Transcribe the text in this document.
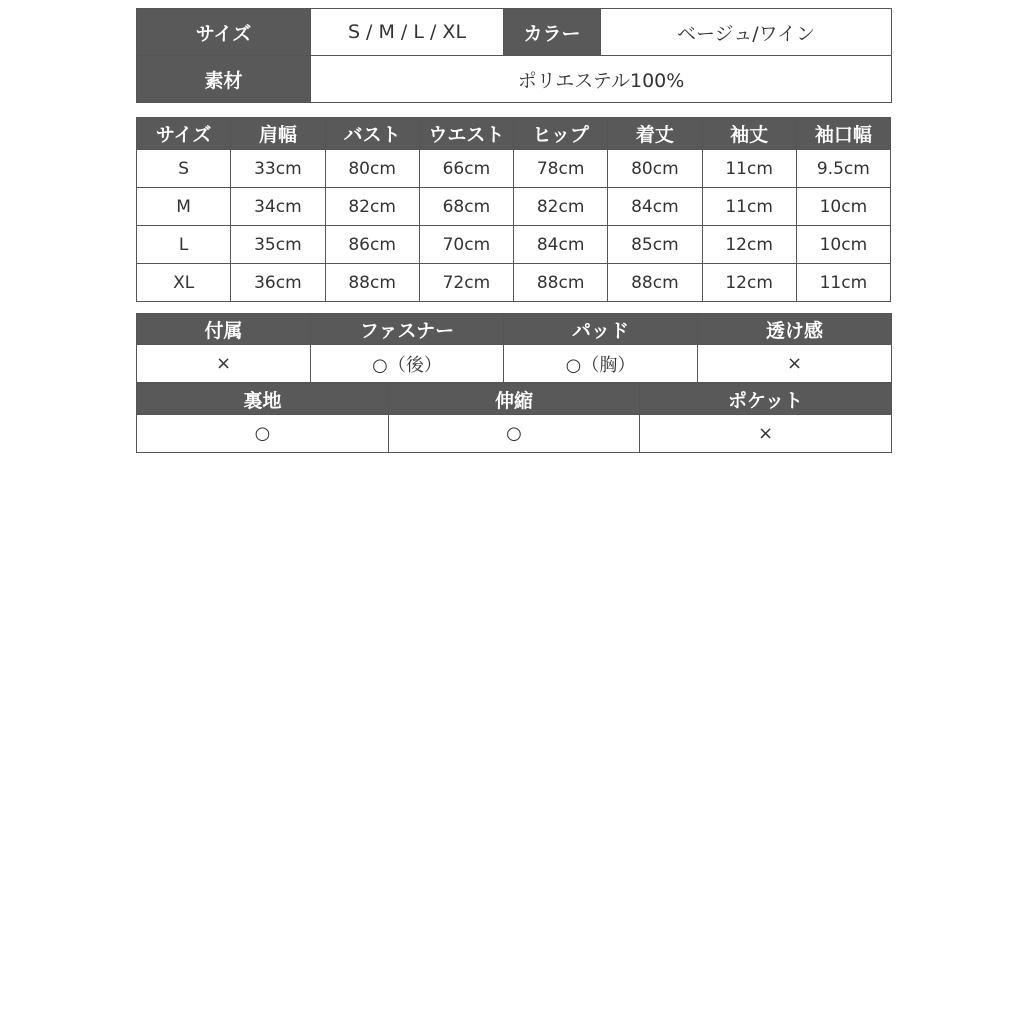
サイズ	S / M / L / XL	カラー	ベージュ/ワイン
素材	ポリエステル100%		
サイズ	肩幅	バスト	ウエスト	ヒップ	着丈	袖丈	袖口幅
S	33cm	80cm	66cm	78cm	80cm	11cm	9.5cm
M	34cm	82cm	68cm	82cm	84cm	11cm	10cm
L	35cm	86cm	70cm	84cm	85cm	12cm	10cm
XL	36cm	88cm	72cm	88cm	88cm	12cm	11cm
付属	ファスナー	パッド	透け感
×	○（後）	○（胸）	×
裏地	伸縮	ポケット
○	○	×
